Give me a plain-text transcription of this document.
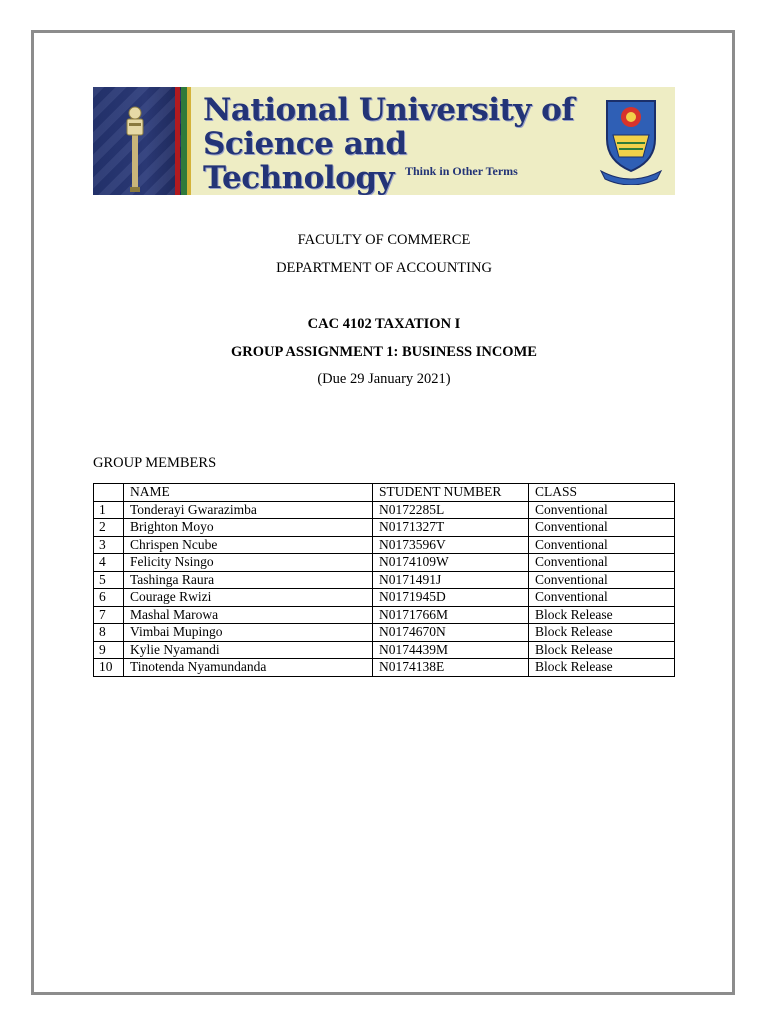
National University of
Science and Technology Think in Other Terms
FACULTY OF COMMERCE
DEPARTMENT OF ACCOUNTING
CAC 4102 TAXATION I
GROUP ASSIGNMENT 1: BUSINESS INCOME
(Due 29 January 2021)
GROUP MEMBERS
	NAME	STUDENT NUMBER	CLASS
1	Tonderayi Gwarazimba	N0172285L	Conventional
2	Brighton Moyo	N0171327T	Conventional
3	Chrispen Ncube	N0173596V	Conventional
4	Felicity Nsingo	N0174109W	Conventional
5	Tashinga Raura	N0171491J	Conventional
6	Courage Rwizi	N0171945D	Conventional
7	Mashal Marowa	N0171766M	Block Release
8	Vimbai Mupingo	N0174670N	Block Release
9	Kylie Nyamandi	N0174439M	Block Release
10	Tinotenda Nyamundanda	N0174138E	Block Release
